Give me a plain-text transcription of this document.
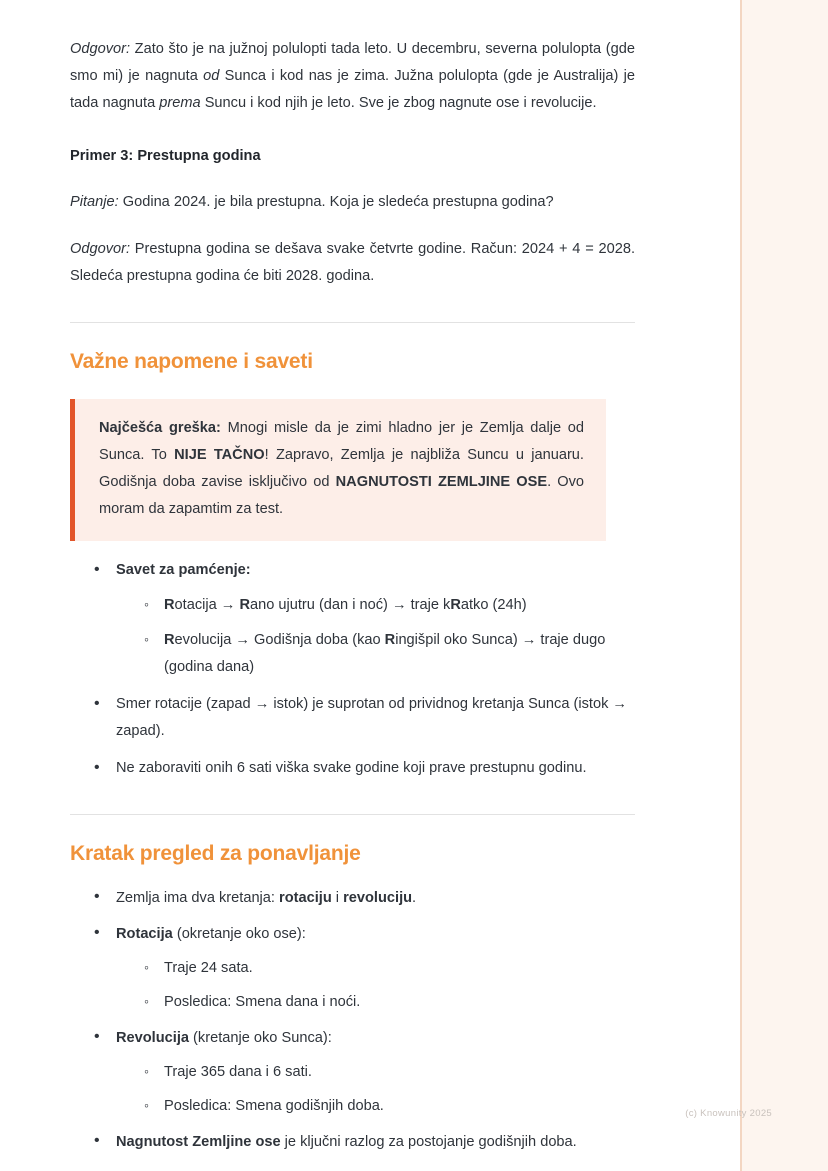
Odgovor: Zato što je na južnoj polulopti tada leto. U decembru, severna polulopta (gde smo mi) je nagnuta od Sunca i kod nas je zima. Južna polulopta (gde je Australija) je tada nagnuta prema Suncu i kod njih je leto. Sve je zbog nagnute ose i revolucije.

Primer 3: Prestupna godina

Pitanje: Godina 2024. je bila prestupna. Koja je sledeća prestupna godina?

Odgovor: Prestupna godina se dešava svake četvrte godine. Račun: 2024 + 4 = 2028. Sledeća prestupna godina će biti 2028. godina.

Važne napomene i saveti

Najčešća greška: Mnogi misle da je zimi hladno jer je Zemlja dalje od Sunca. To NIJE TAČNO! Zapravo, Zemlja je najbliža Suncu u januaru. Godišnja doba zavise isključivo od NAGNUTOSTI ZEMLJINE OSE. Ovo moram da zapamtim za test.

• Savet za pamćenje:
◦ Rotacija → Rano ujutru (dan i noć) → traje kRatko (24h)
◦ Revolucija → Godišnja doba (kao Ringišpil oko Sunca) → traje dugo (godina dana)
• Smer rotacije (zapad → istok) je suprotan od prividnog kretanja Sunca (istok → zapad).
• Ne zaboraviti onih 6 sati viška svake godine koji prave prestupnu godinu.
Kratak pregled za ponavljanje
• Zemlja ima dva kretanja: rotaciju i revoluciju.
• Rotacija (okretanje oko ose):
◦ Traje 24 sata.
◦ Posledica: Smena dana i noći.
• Revolucija (kretanje oko Sunca):
◦ Traje 365 dana i 6 sati.
◦ Posledica: Smena godišnjih doba.
• Nagnutost Zemljine ose je ključni razlog za postojanje godišnjih doba.
(c) Knowunity 2025
